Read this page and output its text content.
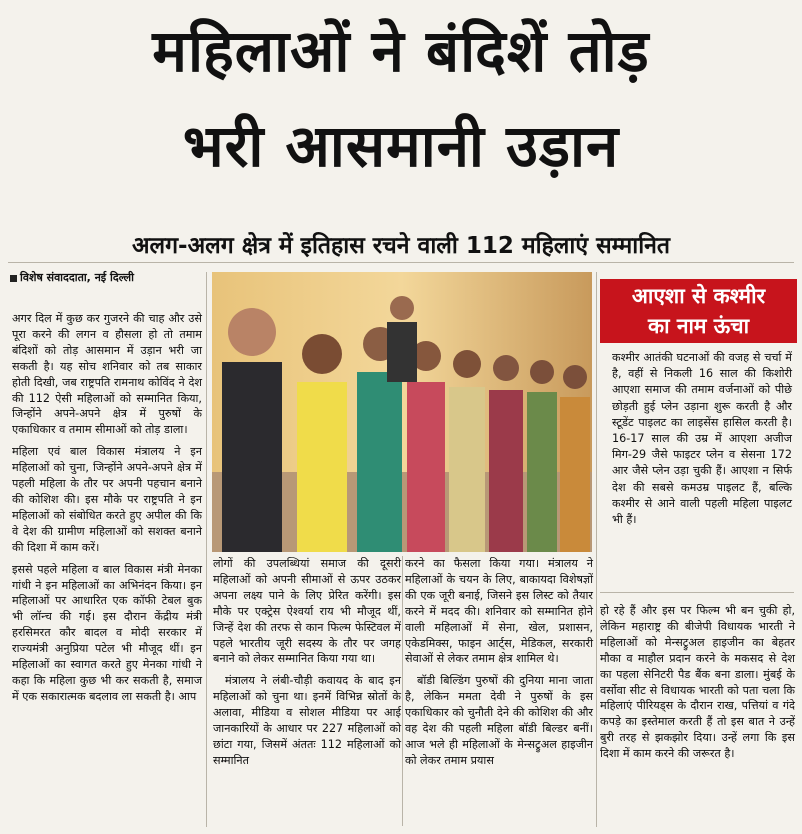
महिलाओं ने बंदिशें तोड़
भरी आसमानी उड़ान
अलग-अलग क्षेत्र में इतिहास रचने वाली 112 महिलाएं सम्मानित
विशेष संवाददाता, नई दिल्ली

अगर दिल में कुछ कर गुजरने की चाह और उसे पूरा करने की लगन व हौसला हो तो तमाम बंदिशों को तोड़ आसमान में उड़ान भरी जा सकती है। यह सोच शनिवार को तब साकार होती दिखी, जब राष्ट्रपति रामनाथ कोविंद ने देश की 112 ऐसी महिलाओं को सम्मानित किया, जिन्होंने अपने-अपने क्षेत्र में पुरुषों के एकाधिकार व तमाम सीमाओं को तोड़ डाला।

महिला एवं बाल विकास मंत्रालय ने इन महिलाओं को चुना, जिन्होंने अपने-अपने क्षेत्र में पहली महिला के तौर पर अपनी पहचान बनाने की कोशिश की। इस मौके पर राष्ट्रपति ने इन महिलाओं को संबोधित करते हुए अपील की कि वे देश की ग्रामीण महिलाओं को सशक्त बनाने की दिशा में काम करें।

इससे पहले महिला व बाल विकास मंत्री मेनका गांधी ने इन महिलाओं का अभिनंदन किया। इन महिलाओं पर आधारित एक कॉफी टेबल बुक भी लॉन्च की गई। इस दौरान केंद्रीय मंत्री हरसिमरत कौर बादल व मोदी सरकार में राज्यमंत्री अनुप्रिया पटेल भी मौजूद थीं। इन महिलाओं का स्वागत करते हुए मेनका गांधी ने कहा कि महिला कुछ भी कर सकती है, समाज में एक सकारात्मक बदलाव ला सकती है। आप

आएशा से कश्मीर
का नाम ऊंचा
कश्मीर आतंकी घटनाओं की वजह से चर्चा में है, वहीं से निकली 16 साल की किशोरी आएशा समाज की तमाम वर्जनाओं को पीछे छोड़ती हुई प्लेन उड़ाना शुरू करती है और स्टूडेंट पाइलट का लाइसेंस हासिल करती है। 16-17 साल की उम्र में आएशा अजीज मिग-29 जैसे फाइटर प्लेन व सेसना 172 आर जैसे प्लेन उड़ा चुकी हैं। आएशा न सिर्फ देश की सबसे कमउम्र पाइलट हैं, बल्कि कश्मीर से आने वाली पहली महिला पाइलट भी हैं।

लोगों की उपलब्धियां समाज की दूसरी महिलाओं को अपनी सीमाओं से ऊपर उठकर अपना लक्ष्य पाने के लिए प्रेरित करेंगी। इस मौके पर एक्ट्रेस ऐश्वर्या राय भी मौजूद थीं, जिन्हें देश की तरफ से कान फिल्म फेस्टिवल में पहले भारतीय जूरी सदस्य के तौर पर जगह बनाने को लेकर सम्मानित किया गया था।

मंत्रालय ने लंबी-चौड़ी कवायद के बाद इन महिलाओं को चुना था। इनमें विभिन्न स्रोतों के अलावा, मीडिया व सोशल मीडिया पर आई जानकारियों के आधार पर 227 महिलाओं को छांटा गया, जिसमें अंततः 112 महिलाओं को सम्मानित

करने का फैसला किया गया। मंत्रालय ने महिलाओं के चयन के लिए, बाकायदा विशेषज्ञों की एक जूरी बनाई, जिसने इस लिस्ट को तैयार करने में मदद की। शनिवार को सम्मानित होने वाली महिलाओं में सेना, खेल, प्रशासन, एकेडमिक्स, फाइन आर्ट्स, मेडिकल, सरकारी सेवाओं से लेकर तमाम क्षेत्र शामिल थे।

बॉडी बिल्डिंग पुरुषों की दुनिया माना जाता है, लेकिन ममता देवी ने पुरुषों के इस एकाधिकार को चुनौती देने की कोशिश की और वह देश की पहली महिला बॉडी बिल्डर बनीं। आज भले ही महिलाओं के मेन्सट्रुअल हाइजीन को लेकर तमाम प्रयास

हो रहे हैं और इस पर फिल्म भी बन चुकी हो, लेकिन महाराष्ट्र की बीजेपी विधायक भारती ने महिलाओं को मेन्सट्रुअल हाइजीन का बेहतर मौका व माहौल प्रदान करने के मकसद से देश का पहला सेनिटरी पैड बैंक बना डाला। मुंबई के वर्सोवा सीट से विधायक भारती को पता चला कि महिलाएं पीरियड्स के दौरान राख, पत्तियां व गंदे कपड़े का इस्तेमाल करती हैं तो इस बात ने उन्हें बुरी तरह से झकझोर दिया। उन्हें लगा कि इस दिशा में काम करने की जरूरत है।
